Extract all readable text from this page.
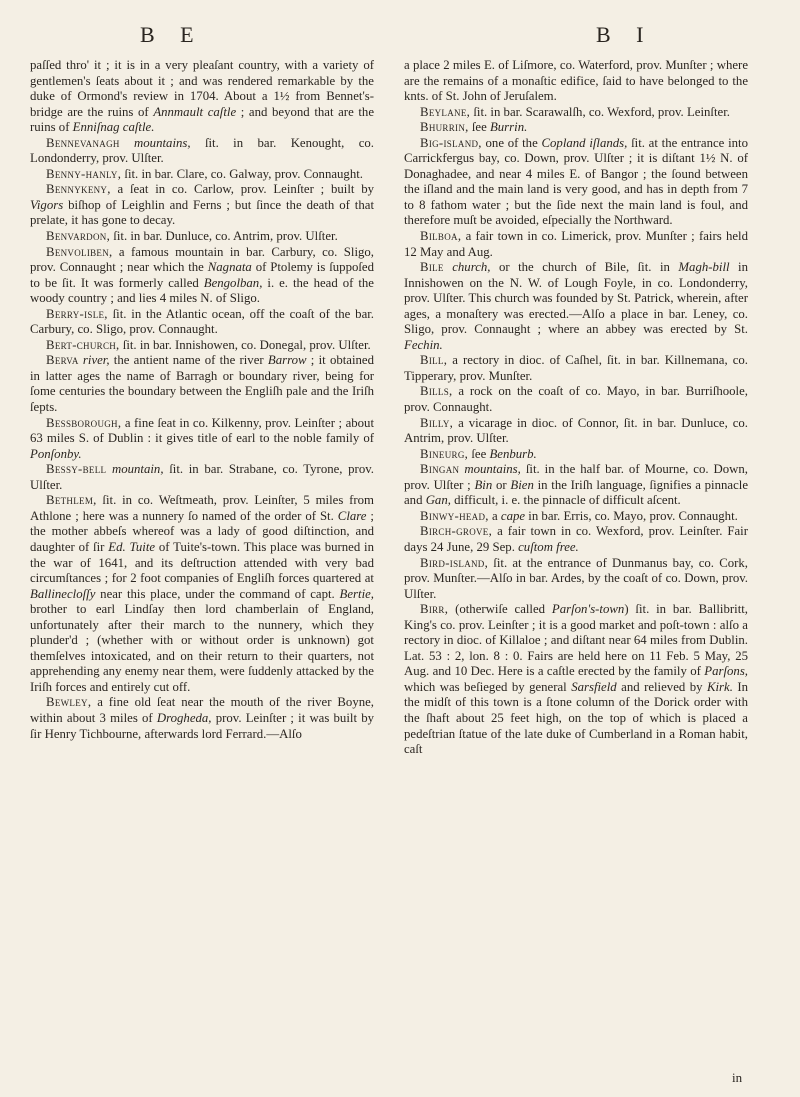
B E	B I

paſſed thro' it ; it is in a very pleaſant country, with a variety of gentlemen's ſeats about it ; and was rendered remarkable by the duke of Ormond's review in 1704. About a 1½ from Bennet's-bridge are the ruins of Annmault caſtle ; and beyond that are the ruins of Enniſnag caſtle.

Bennevanagh mountains, ſit. in bar. Kenought, co. Londonderry, prov. Ulſter.

Benny-hanly, ſit. in bar. Clare, co. Galway, prov. Connaught.

Bennykeny, a ſeat in co. Carlow, prov. Leinſter ; built by Vigors biſhop of Leighlin and Ferns ; but ſince the death of that prelate, it has gone to decay.

Benvardon, ſit. in bar. Dunluce, co. Antrim, prov. Ulſter.

Benvoliben, a famous mountain in bar. Carbury, co. Sligo, prov. Connaught ; near which the Nagnata of Ptolemy is ſuppoſed to be ſit. It was formerly called Bengolban, i. e. the head of the woody country ; and lies 4 miles N. of Sligo.

Berry-isle, ſit. in the Atlantic ocean, off the coaſt of the bar. Carbury, co. Sligo, prov. Connaught.

Bert-church, ſit. in bar. Innishowen, co. Donegal, prov. Ulſter.

Berva river, the antient name of the river Barrow ; it obtained in latter ages the name of Barragh or boundary river, being for ſome centuries the boundary between the Engliſh pale and the Iriſh ſepts.

Bessborough, a fine ſeat in co. Kilkenny, prov. Leinſter ; about 63 miles S. of Dublin : it gives title of earl to the noble family of Ponſonby.

Bessy-bell mountain, ſit. in bar. Strabane, co. Tyrone, prov. Ulſter.

Bethlem, ſit. in co. Weſtmeath, prov. Leinſter, 5 miles from Athlone ; here was a nunnery ſo named of the order of St. Clare ; the mother abbeſs whereof was a lady of good diſtinction, and daughter of ſir Ed. Tuite of Tuite's-town. This place was burned in the war of 1641, and its deſtruction attended with very bad circumſtances ; for 2 foot companies of Engliſh forces quartered at Ballinecloſſy near this place, under the command of capt. Bertie, brother to earl Lindſay then lord chamberlain of England, unfortunately after their march to the nunnery, which they plunder'd ; (whether with or without order is unknown) got themſelves intoxicated, and on their return to their quarters, not apprehending any enemy near them, were ſuddenly attacked by the Iriſh forces and entirely cut off.

Bewley, a fine old ſeat near the mouth of the river Boyne, within about 3 miles of Drogheda, prov. Leinſter ; it was built by ſir Henry Tichbourne, afterwards lord Ferrard.—Alſo

a place 2 miles E. of Liſmore, co. Waterford, prov. Munſter ; where are the remains of a monaſtic edifice, ſaid to have belonged to the knts. of St. John of Jeruſalem.

Beylane, ſit. in bar. Scarawalſh, co. Wexford, prov. Leinſter.

Bhurrin, ſee Burrin.

Big-island, one of the Copland iſlands, ſit. at the entrance into Carrickfergus bay, co. Down, prov. Ulſter ; it is diſtant 1½ N. of Donaghadee, and near 4 miles E. of Bangor ; the ſound between the iſland and the main land is very good, and has in depth from 7 to 8 fathom water ; but the ſide next the main land is foul, and therefore muſt be avoided, eſpecially the Northward.

Bilboa, a fair town in co. Limerick, prov. Munſter ; fairs held 12 May and Aug.

Bile church, or the church of Bile, ſit. in Magh-bill in Innishowen on the N. W. of Lough Foyle, in co. Londonderry, prov. Ulſter. This church was founded by St. Patrick, wherein, after ages, a monaſtery was erected.—Alſo a place in bar. Leney, co. Sligo, prov. Connaught ; where an abbey was erected by St. Fechin.

Bill, a rectory in dioc. of Caſhel, ſit. in bar. Killnemana, co. Tipperary, prov. Munſter.

Bills, a rock on the coaſt of co. Mayo, in bar. Burriſhoole, prov. Connaught.

Billy, a vicarage in dioc. of Connor, ſit. in bar. Dunluce, co. Antrim, prov. Ulſter.

Bineurg, ſee Benburb.

Bingan mountains, ſit. in the half bar. of Mourne, co. Down, prov. Ulſter ; Bin or Bien in the Iriſh language, ſignifies a pinnacle and Gan, difficult, i. e. the pinnacle of difficult aſcent.

Binwy-head, a cape in bar. Erris, co. Mayo, prov. Connaught.

Birch-grove, a fair town in co. Wexford, prov. Leinſter. Fair days 24 June, 29 Sep. cuſtom free.

Bird-island, ſit. at the entrance of Dunmanus bay, co. Cork, prov. Munſter.—Alſo in bar. Ardes, by the coaſt of co. Down, prov. Ulſter.

Birr, (otherwiſe called Parſon's-town) ſit. in bar. Ballibritt, King's co. prov. Leinſter ; it is a good market and poſt-town : alſo a rectory in dioc. of Killaloe ; and diſtant near 64 miles from Dublin. Lat. 53 : 2, lon. 8 : 0. Fairs are held here on 11 Feb. 5 May, 25 Aug. and 10 Dec. Here is a caſtle erected by the family of Parſons, which was beſieged by general Sarsfield and relieved by Kirk. In the midſt of this town is a ſtone column of the Dorick order with the ſhaft about 25 feet high, on the top of which is placed a pedeſtrian ſtatue of the late duke of Cumberland in a Roman habit, caſt

in
